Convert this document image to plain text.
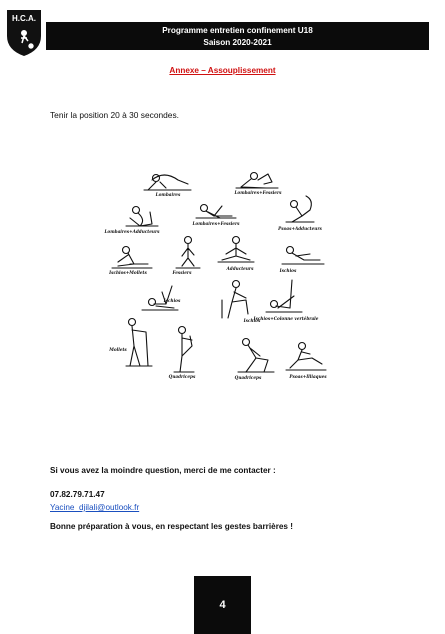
H.C.A.
Programme entretien confinement U18
Saison 2020-2021
Annexe – Assouplissement
Tenir la position 20 à 30 secondes.
Lombaires	Lombaires+Fessiers
Lombaires+Adducteurs
Lombaires+Fessiers
Psoas+Adducteurs
Ischios+Mollets	Fessiers
Adducteurs	Ischios
Ischios
Ischios
Ischios+Colonne vertébrale
Mollets
Quadriceps	Quadriceps	Psoas+Illiaques
Si vous avez la moindre question, merci de me contacter :
07.82.79.71.47
Yacine_djilali@outlook.fr
Bonne préparation à vous, en respectant les gestes barrières !
4
